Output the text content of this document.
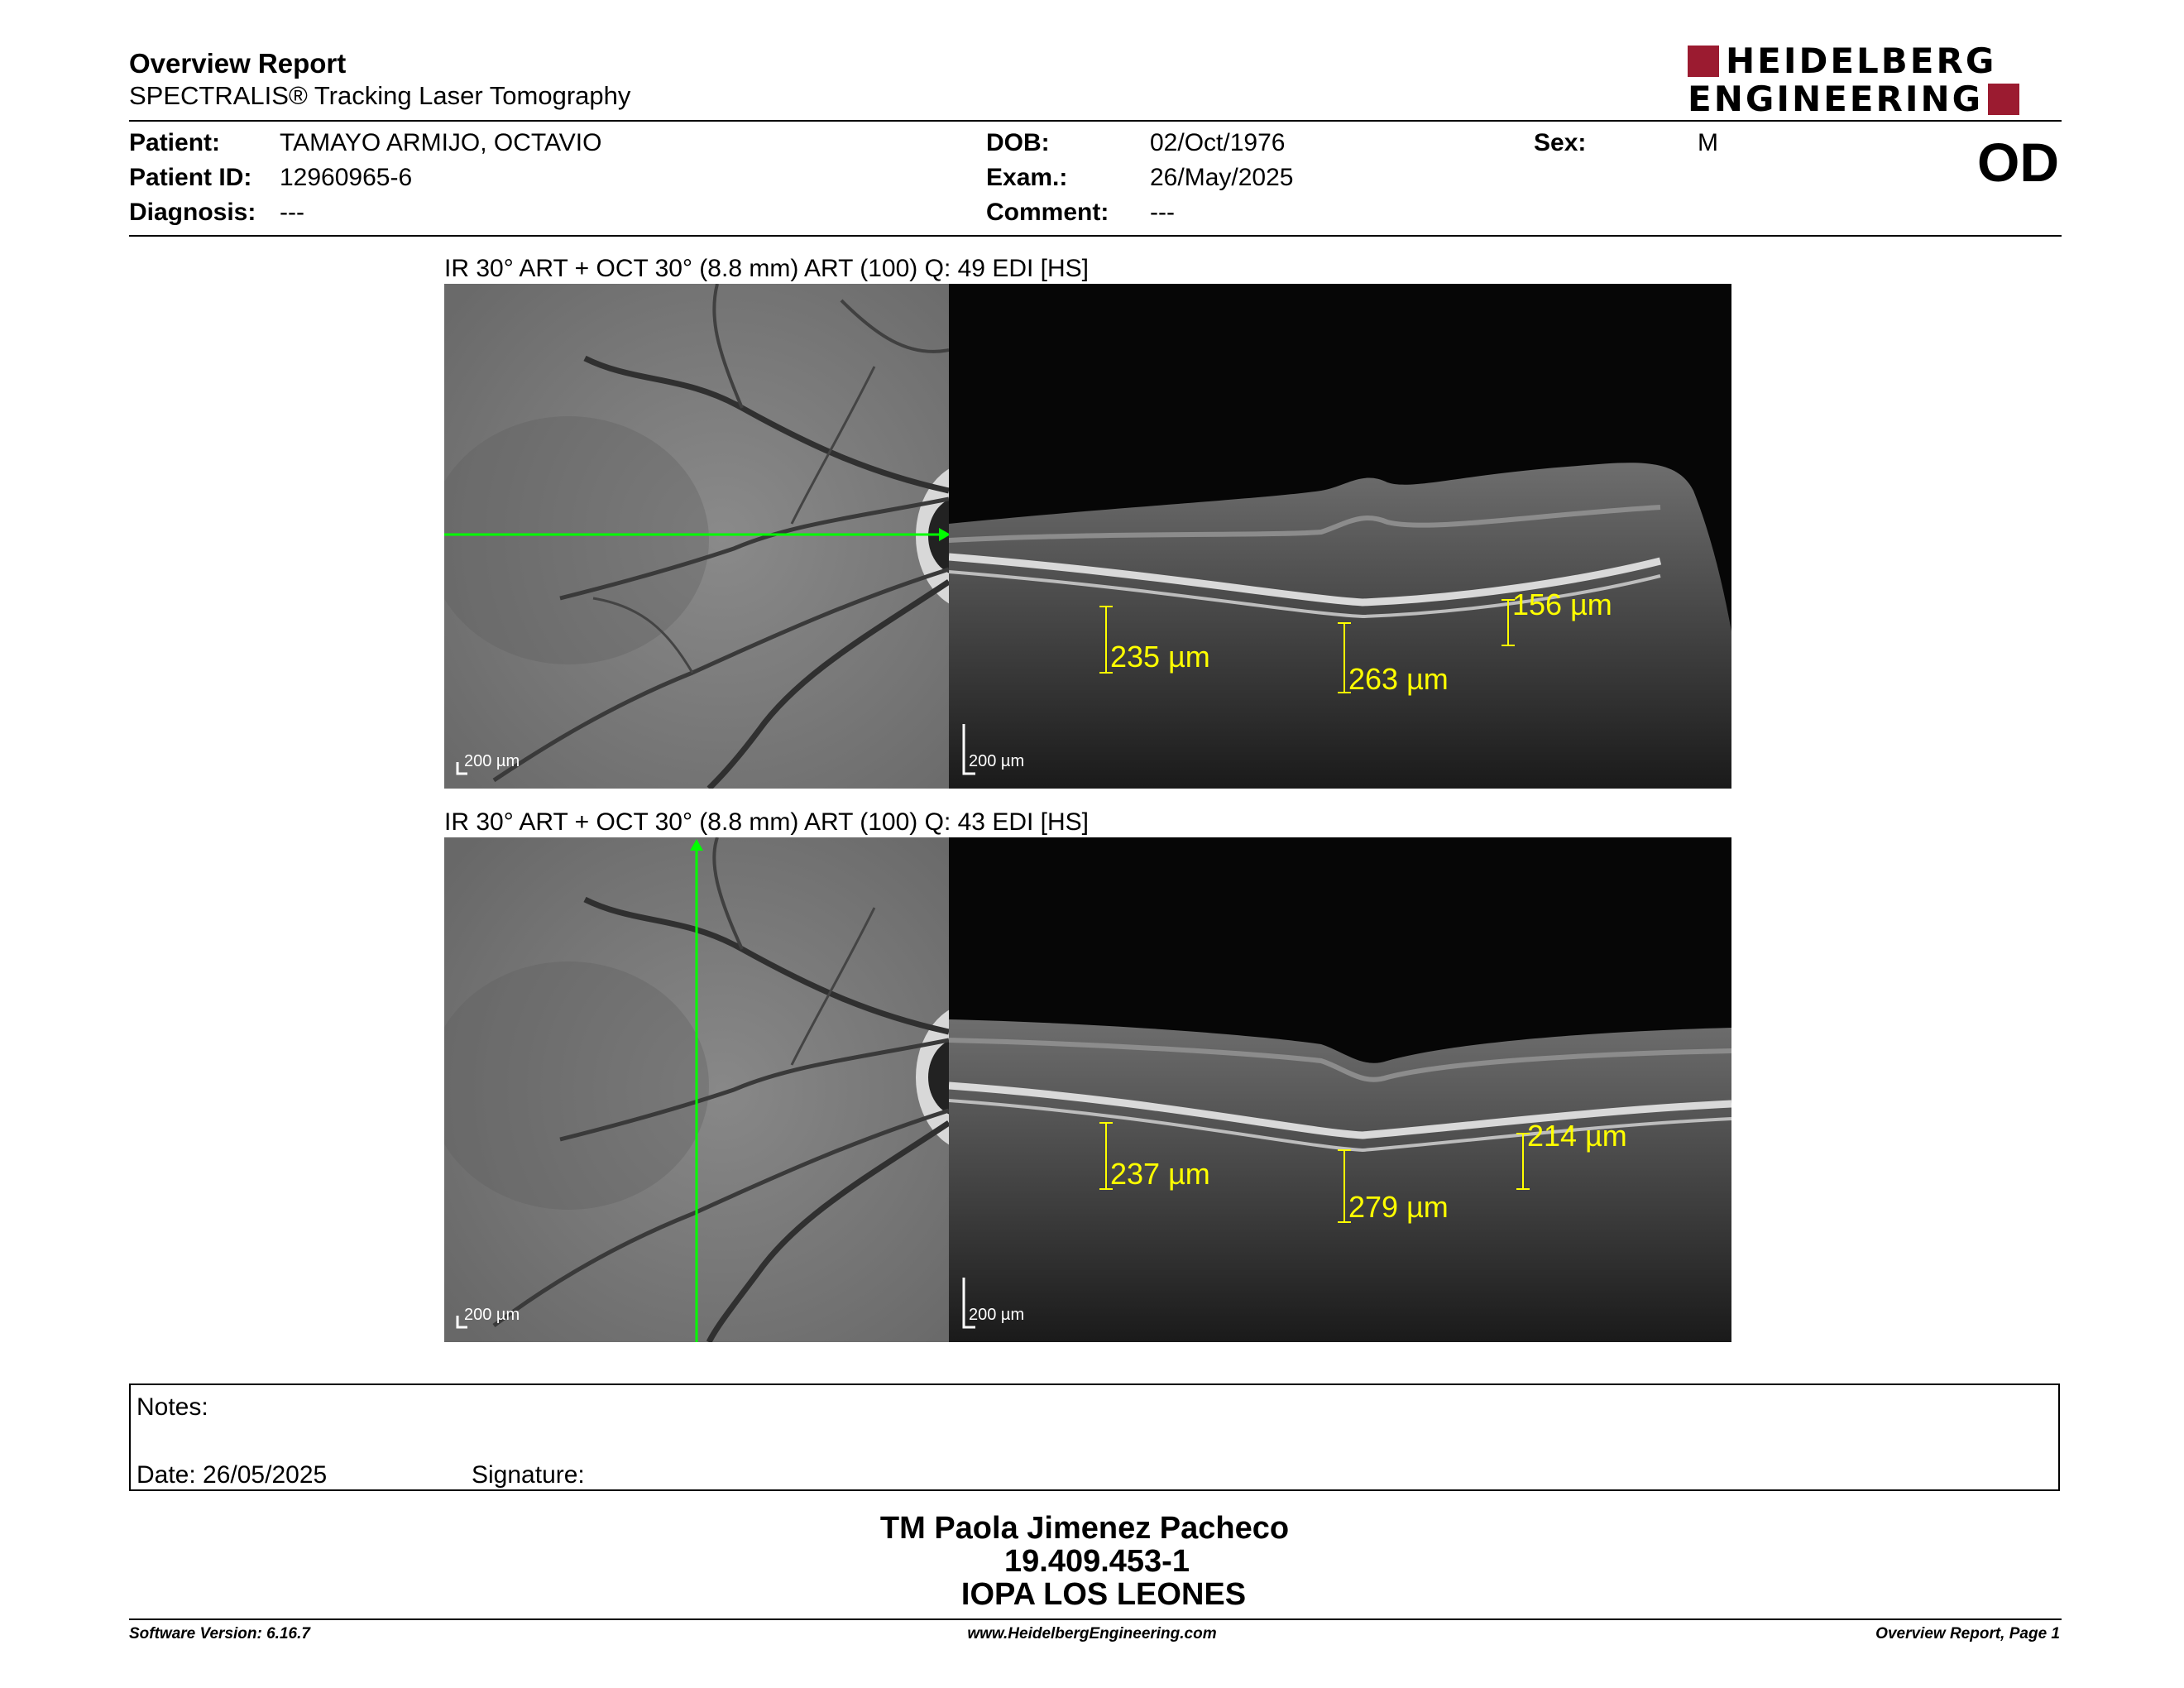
Overview Report
SPECTRALIS® Tracking Laser Tomography
HEIDELBERG
ENGINEERING
Patient: TAMAYO ARMIJO, OCTAVIO
Patient ID: 12960965-6
Diagnosis: ---
DOB:	02/Oct/1976
Exam.:	26/May/2025
Comment: ---
Sex:	M	OD
IR 30° ART + OCT 30° (8.8 mm) ART (100) Q: 49 EDI [HS]
200 µm
235 µm
263 µm
156 µm
200 µm
IR 30° ART + OCT 30° (8.8 mm) ART (100) Q: 43 EDI [HS]
200 µm
237 µm
279 µm
214 µm
200 µm
Notes:
Date: 26/05/2025	Signature:
TM Paola Jimenez Pacheco
19.409.453-1
IOPA LOS LEONES
Software Version: 6.16.7	www.HeidelbergEngineering.com	Overview Report, Page 1
